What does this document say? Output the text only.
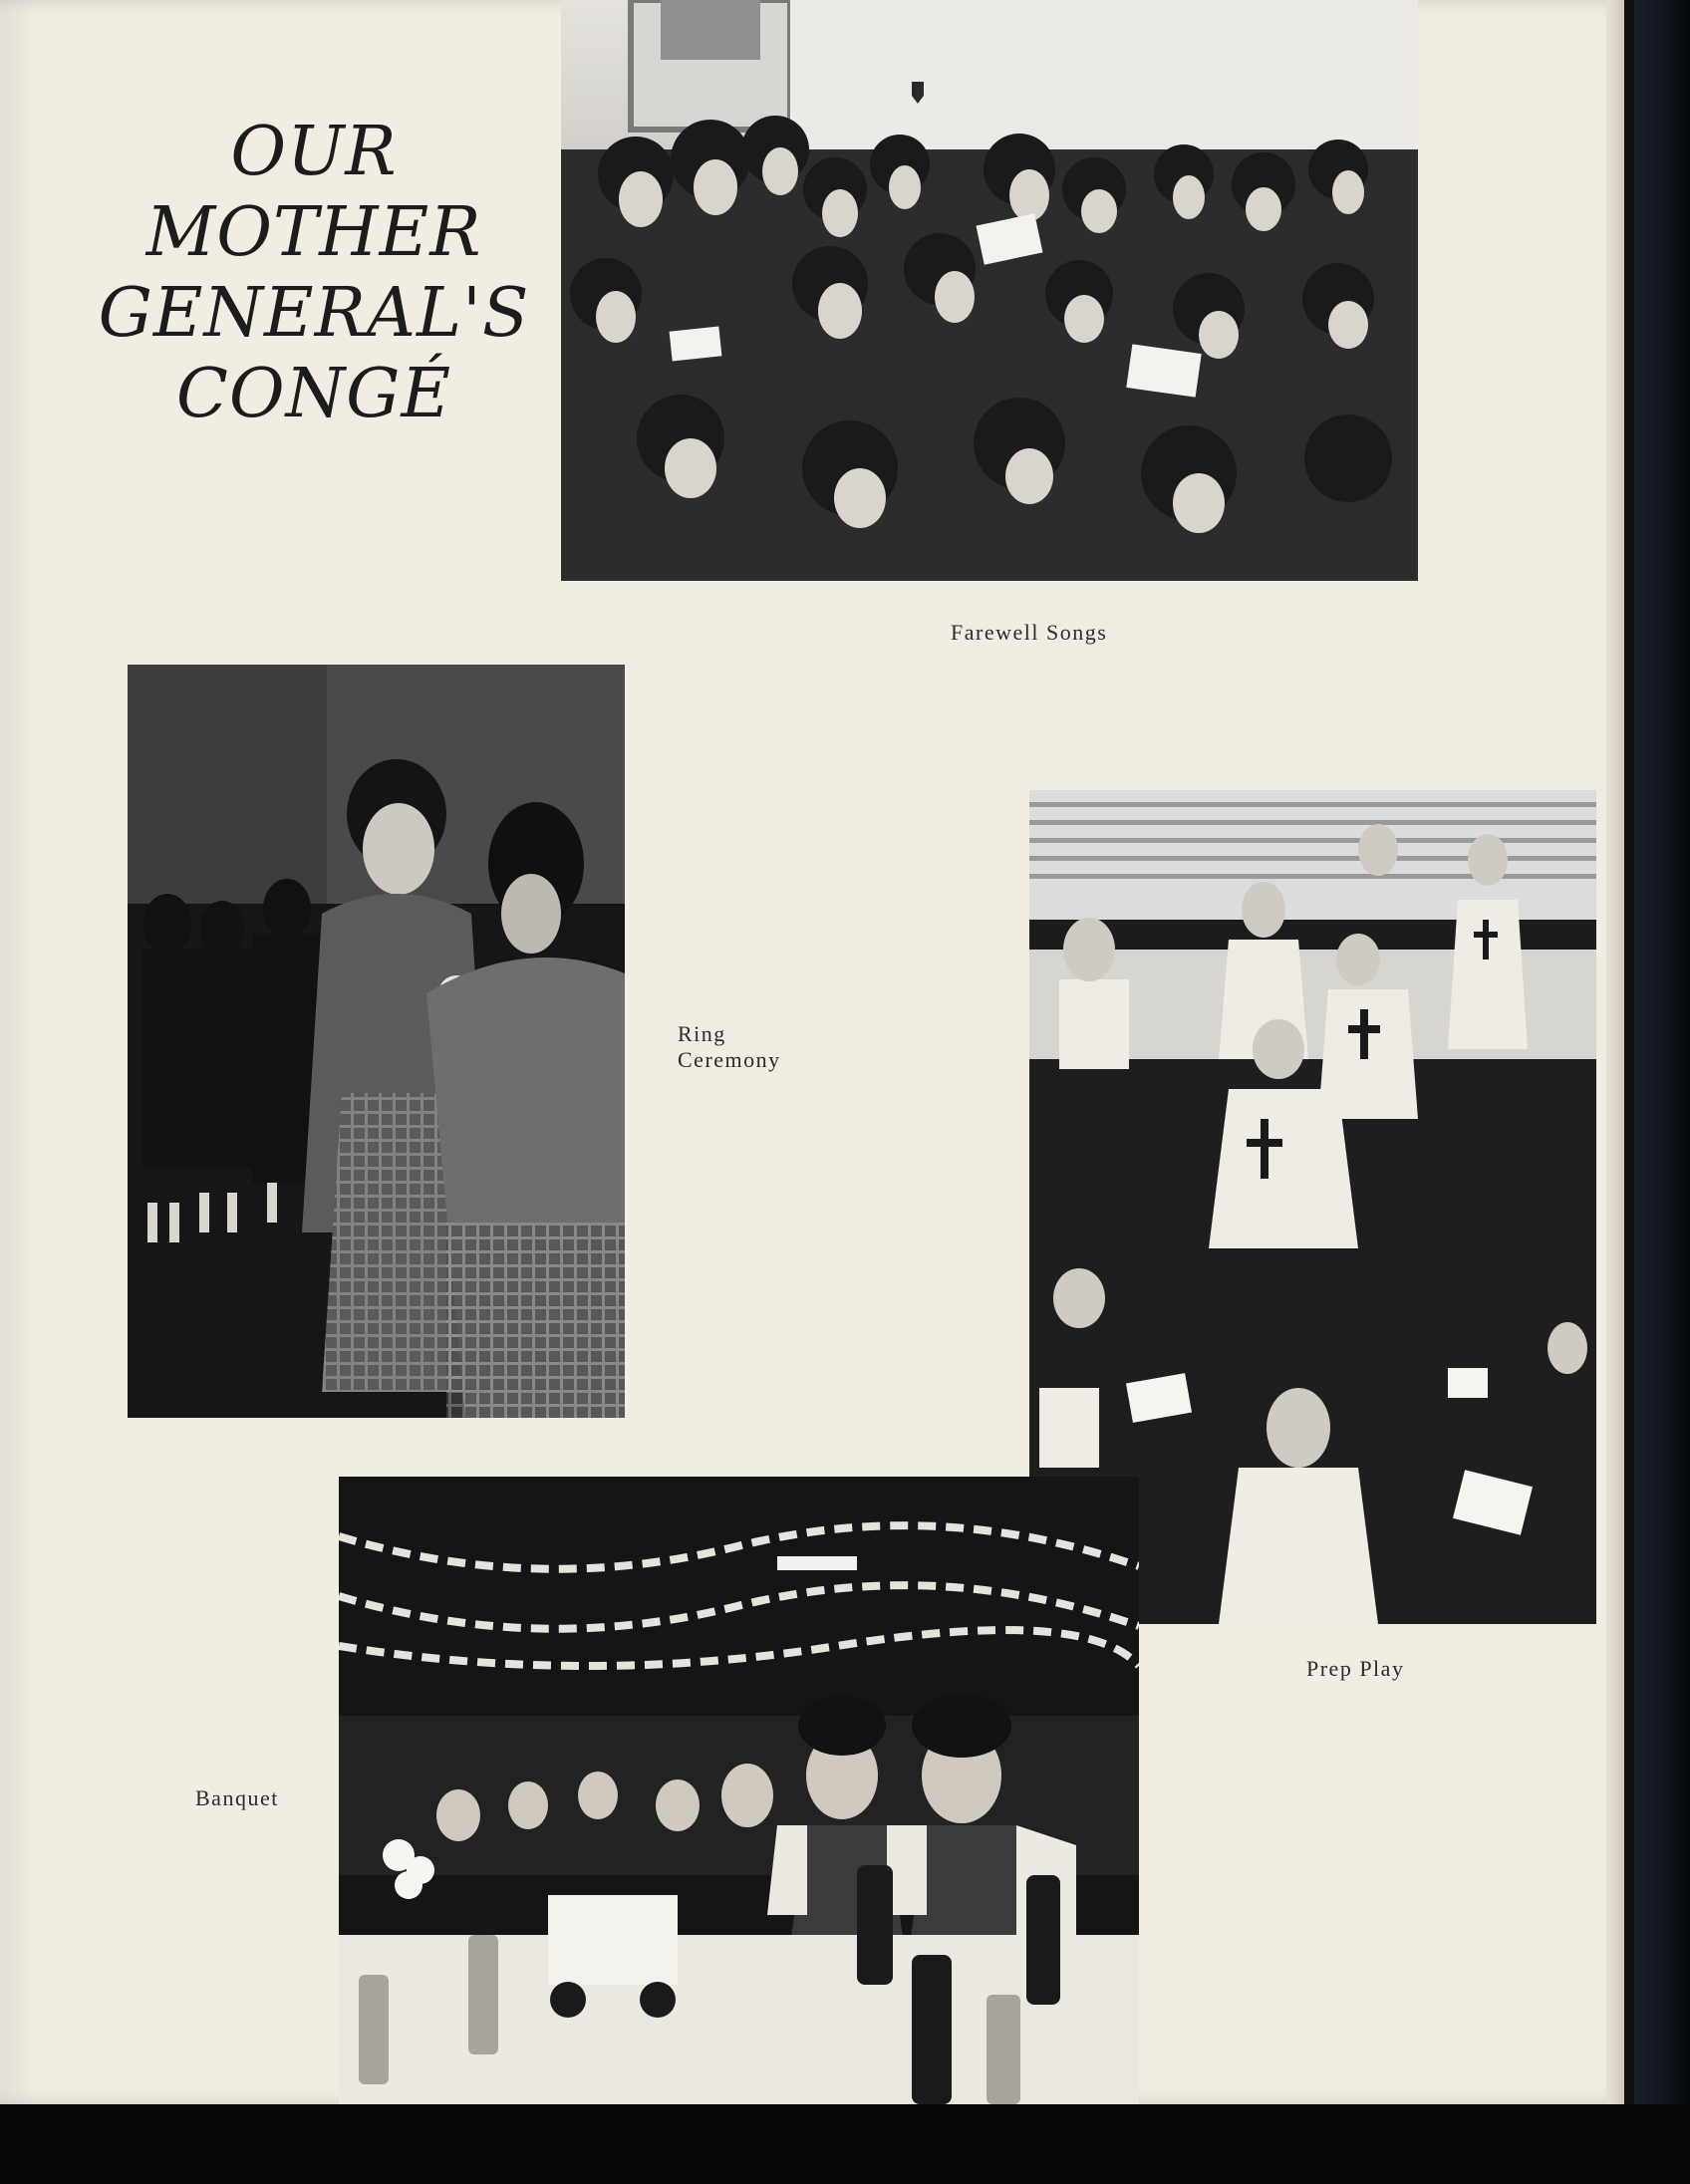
OUR
MOTHER
GENERAL'S
CONGÉ
Farewell Songs
Ring
Ceremony
Prep Play
Banquet
